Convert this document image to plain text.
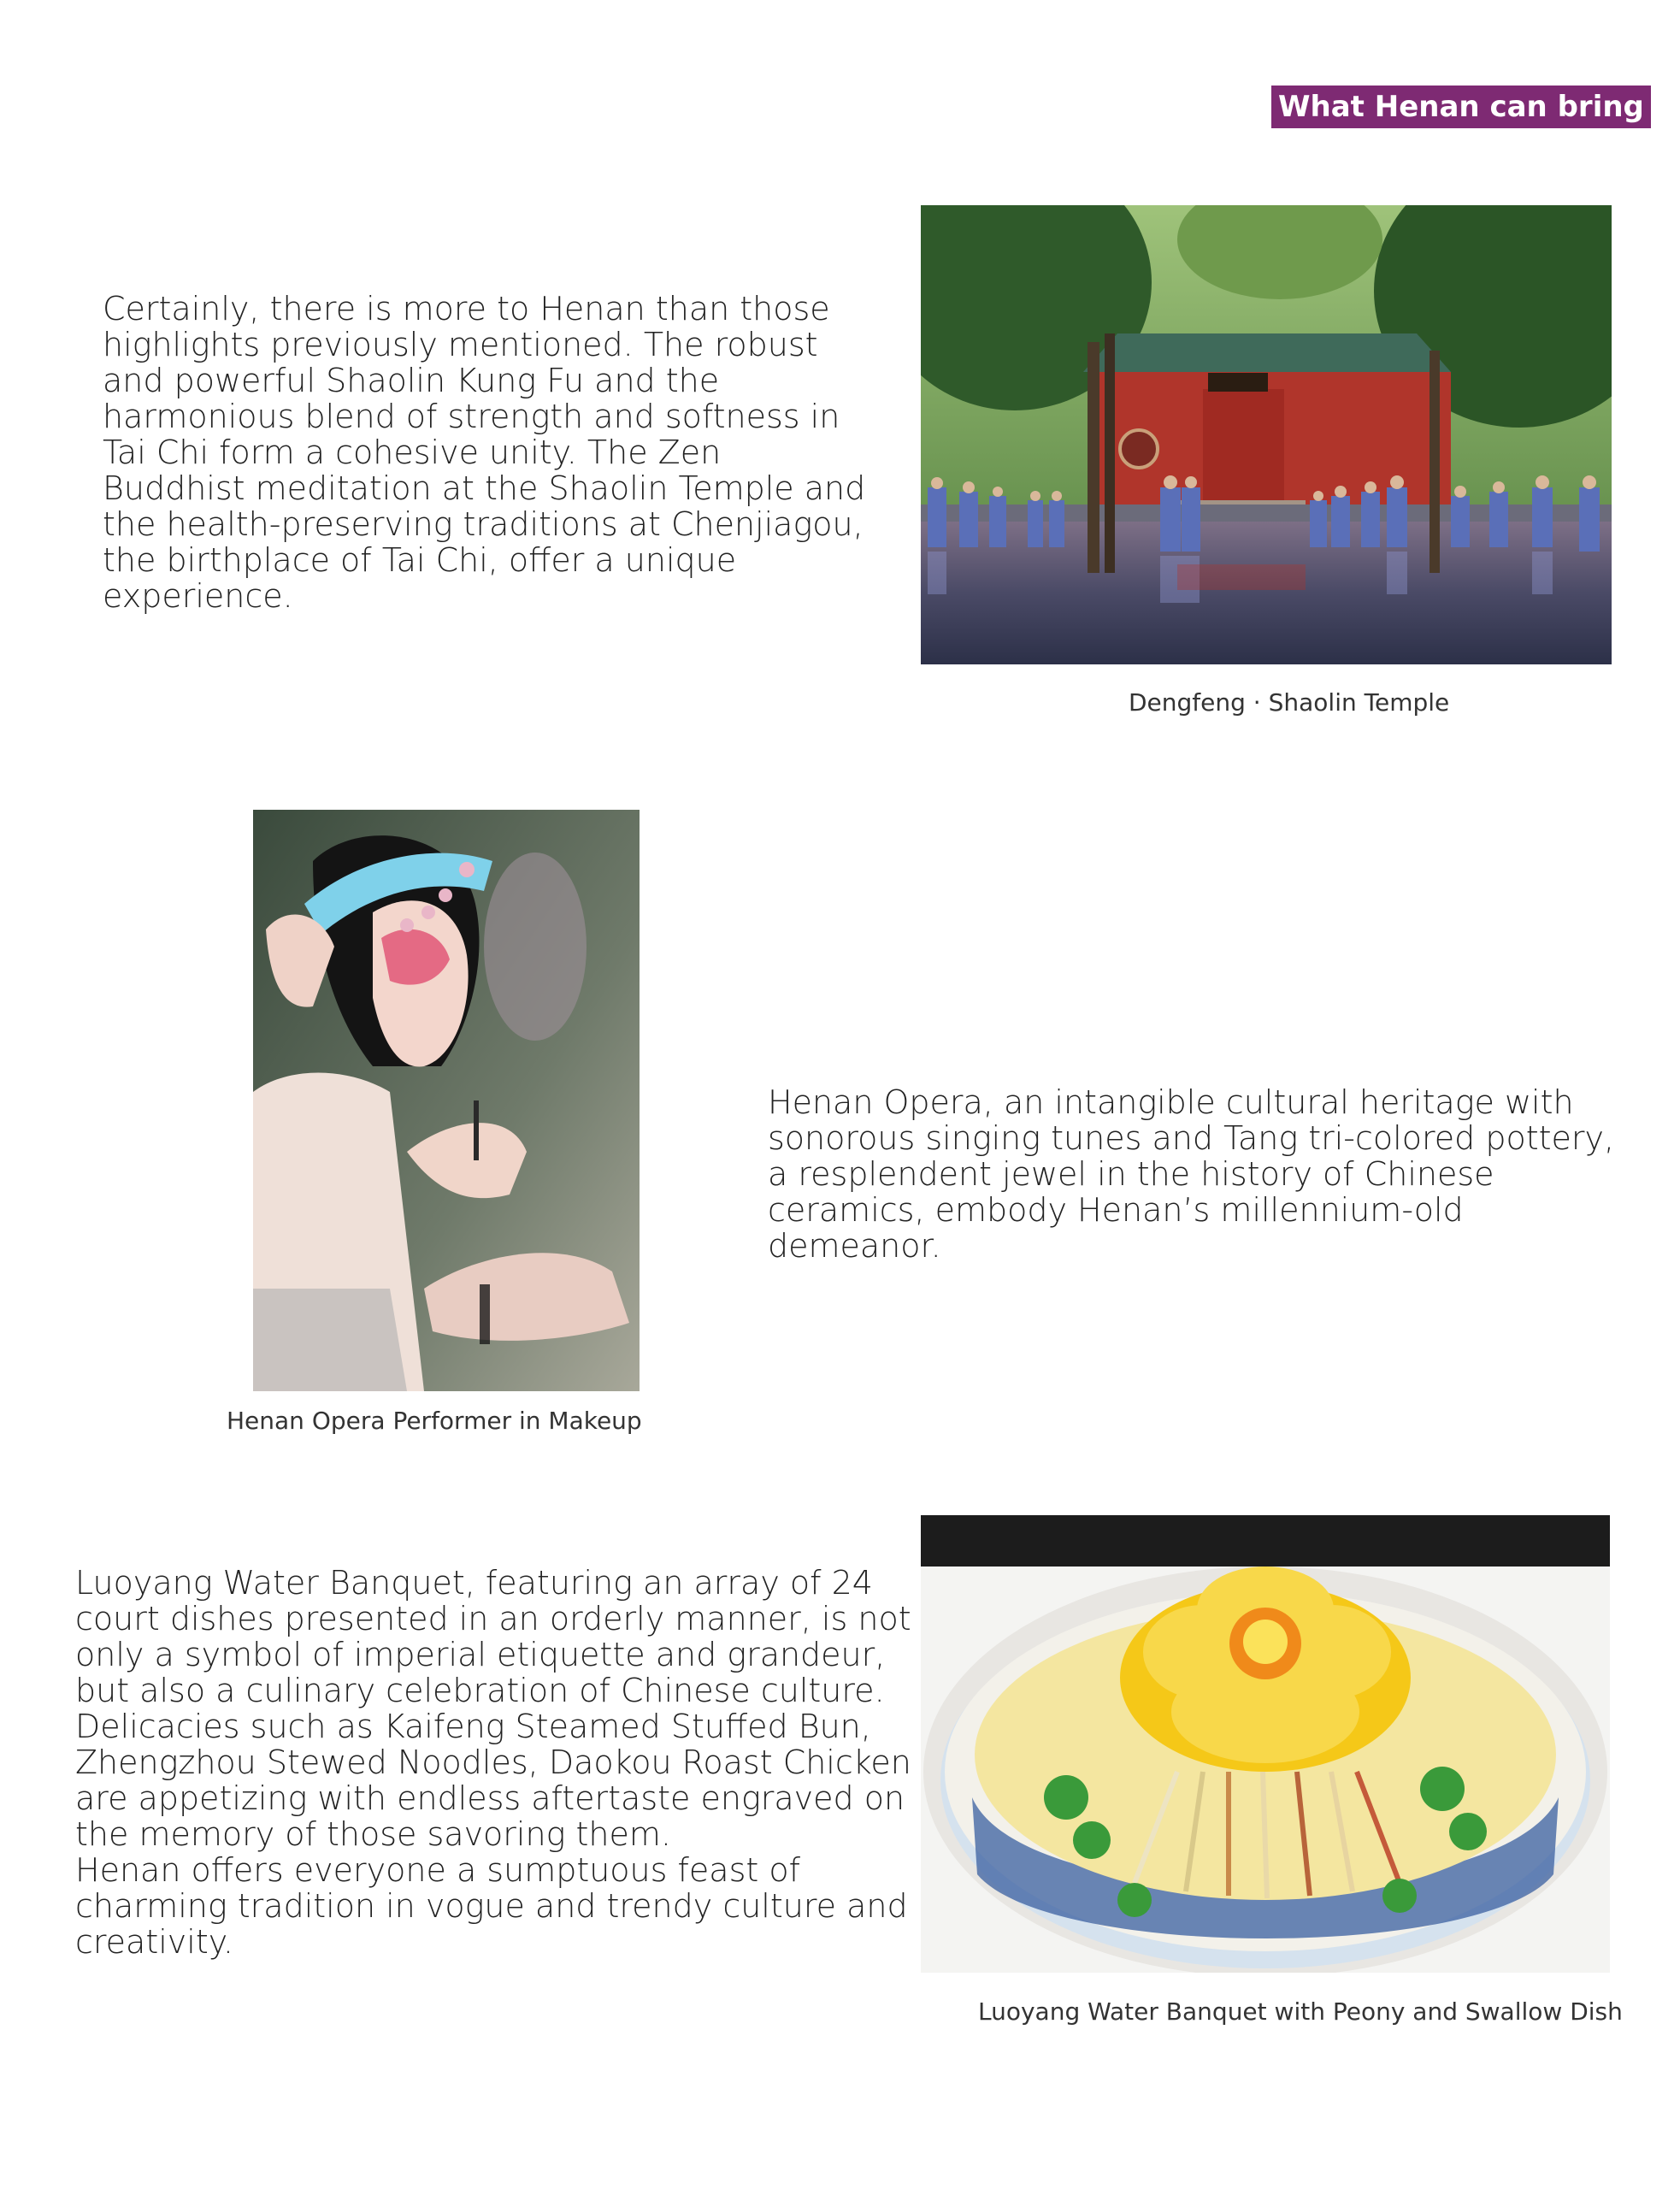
What Henan can bring

Certainly, there is more to Henan than those highlights previously mentioned. The robust and powerful Shaolin Kung Fu and the harmonious blend of strength and softness in Tai Chi form a cohesive unity. The Zen Buddhist meditation at the Shaolin Temple and the health-preserving traditions at Chenjiagou, the birthplace of Tai Chi, offer a unique experience.

Dengfeng · Shaolin Temple
Henan Opera Performer in Makeup

Henan Opera, an intangible cultural heritage with sonorous singing tunes and Tang tri-colored pottery, a resplendent jewel in the history of Chinese ceramics, embody Henan’s millennium-old demeanor.

Luoyang Water Banquet, featuring an array of 24 court dishes presented in an orderly manner, is not only a symbol of imperial etiquette and grandeur, but also a culinary celebration of Chinese culture.

Delicacies such as Kaifeng Steamed Stuffed Bun, Zhengzhou Stewed Noodles, Daokou Roast Chicken are appetizing with endless aftertaste engraved on the memory of those savoring them.

Henan offers everyone a sumptuous feast of charming tradition in vogue and trendy culture and creativity.

Luoyang Water Banquet with Peony and Swallow Dish
